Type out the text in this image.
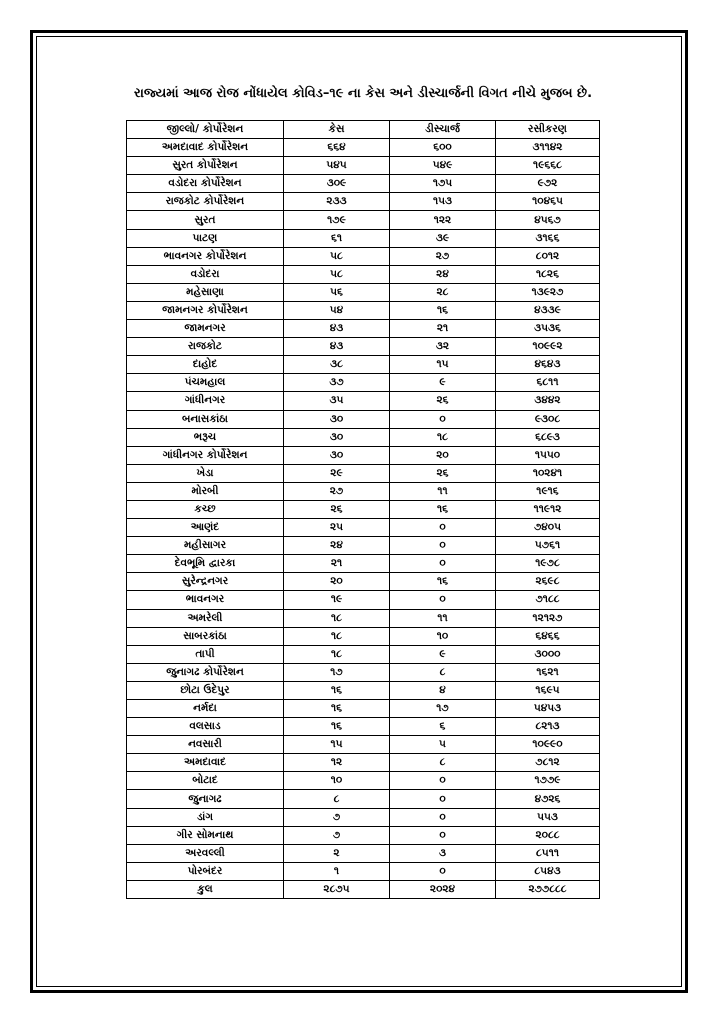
રાજ્યમાં આજ રોજ નોંધાયેલ કોવિડ–૧૯ ના કેસ અને ડીસ્ચાર્જની વિગત નીચે મુજબ છે.
જીલ્લો/ કોર્પોરેશન	કેસ	ડીસ્ચાર્જ	રસીકરણ
અમદાવાદ કોર્પોરેશન	૬૬૪	૬૦૦	૩૧૧૪૨
સુરત કોર્પોરેશન	૫૪૫	૫૪૯	૧૯૬૬૮
વડોદરા કોર્પોરેશન	૩૦૯	૧૭૫	૯૭૨
રાજકોટ કોર્પોરેશન	૨૩૩	૧૫૩	૧૦૪૬૫
સુરત	૧૭૯	૧૨૨	૪૫૬૭
પાટણ	૬૧	૩૯	૩૧૬૬
ભાવનગર કોર્પોરેશન	૫૮	૨૭	૮૦૧૨
વડોદરા	૫૮	૨૪	૧૮૨૬
મહેસાણા	૫૬	૨૮	૧૩૯૨૭
જામનગર કોર્પોરેશન	૫૪	૧૬	૪૩૩૯
જામનગર	૪૩	૨૧	૩૫૩૬
રાજકોટ	૪૩	૩૨	૧૦૯૯૨
દાહોદ	૩૮	૧૫	૪૬૪૩
પંચમહાલ	૩૭	૯	૬૮૧૧
ગાંધીનગર	૩૫	૨૬	૩૪૪૨
બનાસકાંઠા	૩૦	૦	૯૩૦૮
ભરૂચ	૩૦	૧૮	૬૮૯૩
ગાંધીનગર કોર્પોરેશન	૩૦	૨૦	૧૫૫૦
ખેડા	૨૯	૨૬	૧૦૨૪૧
મોરબી	૨૭	૧૧	૧૯૧૬
કચ્છ	૨૬	૧૬	૧૧૯૧૨
આણંદ	૨૫	૦	૭૪૦૫
મહીસાગર	૨૪	૦	૫૭૬૧
દેવભૂમિ દ્વારકા	૨૧	૦	૧૯૭૮
સુરેન્દ્રનગર	૨૦	૧૬	૨૬૯૮
ભાવનગર	૧૯	૦	૭૧૮૮
અમરેલી	૧૮	૧૧	૧૨૧૨૭
સાબરકાંઠા	૧૮	૧૦	૬૪૬૬
તાપી	૧૮	૯	૩૦૦૦
જુનાગઢ કોર્પોરેશન	૧૭	૮	૧૬૨૧
છોટા ઉદેપુર	૧૬	૪	૧૬૯૫
નર્મદા	૧૬	૧૭	૫૪૫૩
વલસાડ	૧૬	૬	૮૨૧૩
નવસારી	૧૫	૫	૧૦૯૯૦
અમદાવાદ	૧૨	૮	૭૮૧૨
બોટાદ	૧૦	૦	૧૭૭૯
જુનાગઢ	૮	૦	૪૭૨૬
ડાંગ	૭	૦	૫૫૩
ગીર સોમનાથ	૭	૦	૨૦૮૮
અરવલ્લી	૨	૩	૮૫૧૧
પોરબંદર	૧	૦	૮૫૪૩
કુલ	૨૮૭૫	૨૦૨૪	૨૭૭૮૮૮
